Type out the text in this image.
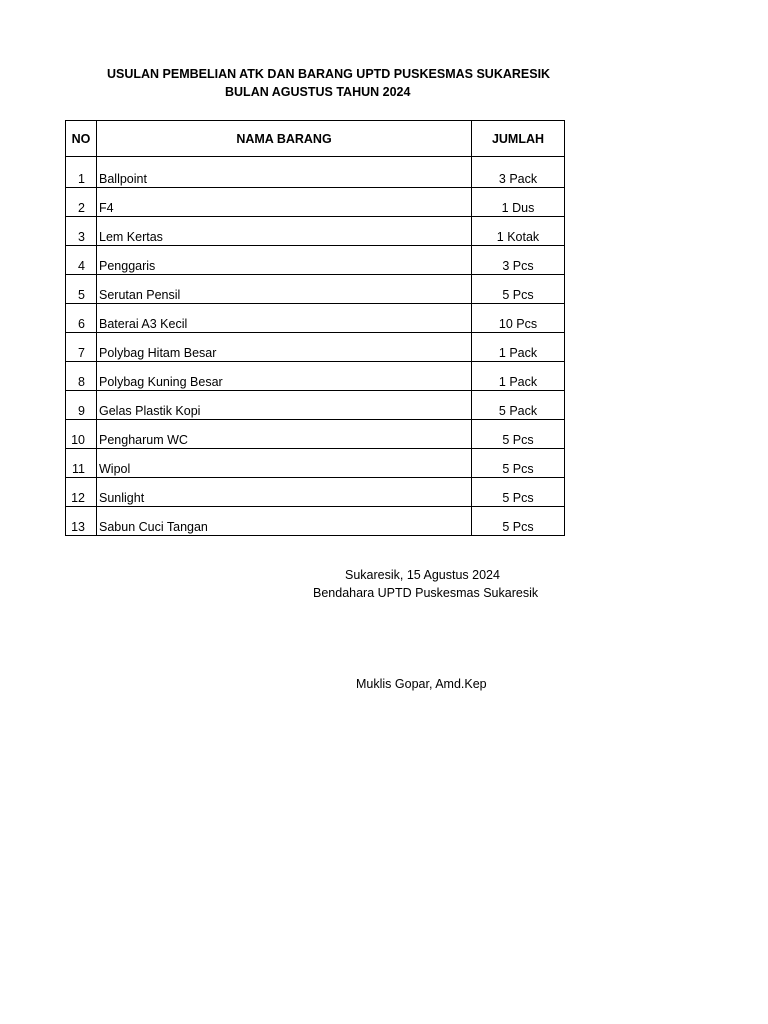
USULAN PEMBELIAN ATK DAN BARANG UPTD PUSKESMAS SUKARESIK
BULAN AGUSTUS TAHUN 2024
NO	NAMA BARANG	JUMLAH
1	Ballpoint	3 Pack
2	F4	1 Dus
3	Lem Kertas	1 Kotak
4	Penggaris	3 Pcs
5	Serutan Pensil	5 Pcs
6	Baterai A3 Kecil	10 Pcs
7	Polybag Hitam Besar	1 Pack
8	Polybag Kuning Besar	1 Pack
9	Gelas Plastik Kopi	5 Pack
10	Pengharum WC	5 Pcs
11	Wipol	5 Pcs
12	Sunlight	5 Pcs
13	Sabun Cuci Tangan	5 Pcs
Sukaresik, 15 Agustus 2024
Bendahara UPTD Puskesmas Sukaresik
Muklis Gopar, Amd.Kep
